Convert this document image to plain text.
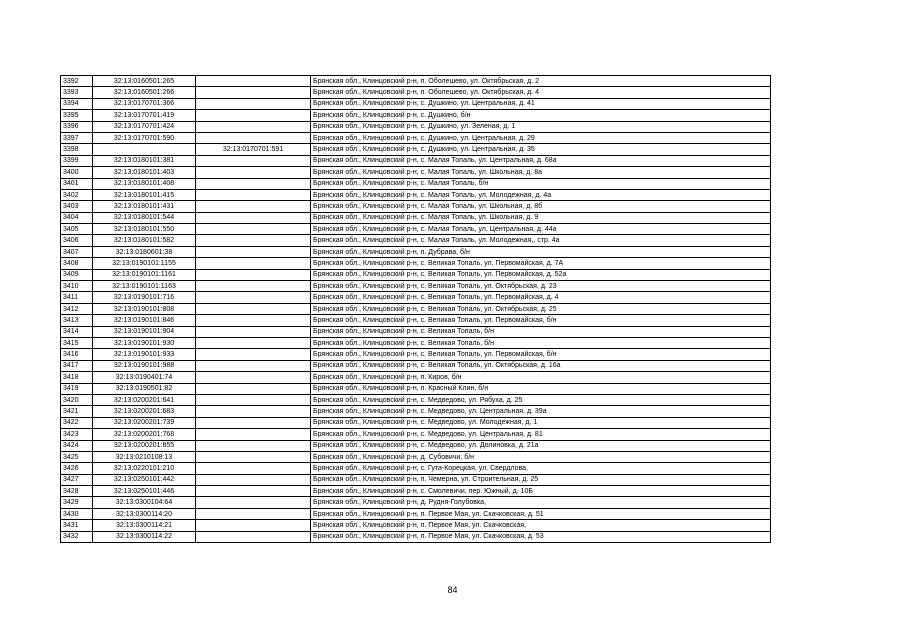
3392	32:13:0160501:265		Брянская обл., Клинцовский р-н, п. Оболешево, ул. Октябрьская, д. 2
3393	32:13:0160501:266		Брянская обл., Клинцовский р-н, п. Оболешево, ул. Октябрьская, д. 4
3394	32:13:0170701:366		Брянская обл., Клинцовский р-н, с. Душкино, ул. Центральная, д. 41
3395	32:13:0170701:419		Брянская обл., Клинцовский р-н, с. Душкино, б/н
3396	32:13:0170701:424		Брянская обл., Клинцовский р-н, с. Душкино, ул. Зеленая, д. 1
3397	32:13:0170701:590		Брянская обл., Клинцовский р-н, с. Душкино, ул. Центральная, д. 29
3398		32:13:0170701:591	Брянская обл., Клинцовский р-н, с. Душкино, ул. Центральная, д. 35
3399	32:13:0180101:381		Брянская обл., Клинцовский р-н, с. Малая Топаль, ул. Центральная, д. 68а
3400	32:13:0180101:403		Брянская обл., Клинцовский р-н, с. Малая Топаль, ул. Школьная, д. 8а
3401	32:13:0180101:408		Брянская обл., Клинцовский р-н, с. Малая Топаль, б/н
3402	32:13:0180101:415		Брянская обл., Клинцовский р-н, с. Малая Топаль, ул. Молодежная, д. 4а
3403	32:13:0180101:431		Брянская обл., Клинцовский р-н, с. Малая Топаль, ул. Школьная, д. 8б
3404	32:13:0180101:544		Брянская обл., Клинцовский р-н, с. Малая Топаль, ул. Школьная, д. 9
3405	32:13:0180101:550		Брянская обл., Клинцовский р-н, с. Малая Топаль, ул. Центральная, д. 44а
3406	32:13:0180101:582		Брянская обл., Клинцовский р-н, с. Малая Топаль, ул. Молодежная,, стр. 4а
3407	32:13:0180601:38		Брянская обл., Клинцовский р-н, п. Дубрава, б/н
3408	32:13:0190101:1155		Брянская обл., Клинцовский р-н, с. Великая Топаль, ул. Первомайская, д. 7А
3409	32:13:0190101:1161		Брянская обл., Клинцовский р-н, с. Великая Топаль, ул. Первомайская, д. 52а
3410	32:13:0190101:1163		Брянская обл., Клинцовский р-н, с. Великая Топаль, ул. Октябрьская, д. 23
3411	32:13:0190101:716		Брянская обл., Клинцовский р-н, с. Великая Топаль, ул. Первомайская, д. 4
3412	32:13:0190101:808		Брянская обл., Клинцовский р-н, с. Великая Топаль, ул. Октябрьская, д. 25
3413	32:13:0190101:846		Брянская обл., Клинцовский р-н, с. Великая Топаль, ул. Первомайская, б/н
3414	32:13:0190101:904		Брянская обл., Клинцовский р-н, с. Великая Топаль, б/н
3415	32:13:0190101:930		Брянская обл., Клинцовский р-н, с. Великая Топаль, б/н
3416	32:13:0190101:933		Брянская обл., Клинцовский р-н, с. Великая Топаль, ул. Первомайская, б/н
3417	32:13:0190101:988		Брянская обл., Клинцовский р-н, с. Великая Топаль, ул. Октябрьская, д. 16а
3418	32:13:0190401:74		Брянская обл., Клинцовский р-н, п. Киров, б/н
3419	32:13:0190501:82		Брянская обл., Клинцовский р-н, п. Красный Клин, б/н
3420	32:13:0200201:641		Брянская обл., Клинцовский р-н, с. Медведово, ул. Рябуха, д. 25
3421	32:13:0200201:683		Брянская обл., Клинцовский р-н, с. Медведово, ул. Центральная, д. 39а
3422	32:13:0200201:739		Брянская обл., Клинцовский р-н, с. Медведово, ул. Молодежная, д. 1
3423	32:13:0200201:768		Брянская обл., Клинцовский р-н, с. Медведово, ул. Центральная, д. 81
3424	32:13:0200201:855		Брянская обл., Клинцовский р-н, с. Медведово, ул. Долиновка, д. 21а
3425	32:13:0210108:13		Брянская обл., Клинцовский р-н, д. Субовичи, б/н
3426	32:13:0220101:210		Брянская обл., Клинцовский р-н, с. Гута-Корецкая, ул. Свердлова,
3427	32:13:0250101:442		Брянская обл., Клинцовский р-н, п. Чемерна, ул. Строительная, д. 25
3428	32:13:0250101:446		Брянская обл., Клинцовский р-н, с. Смолевичи, пер. Южный, д. 10Б
3429	32:13:0300104:64		Брянская обл., Клинцовский р-н, д. Рудня-Голубовка,
3430	32:13:0300114:20		Брянская обл., Клинцовский р-н, п. Первое Мая, ул. Скачковская, д. 51
3431	32:13:0300114:21		Брянская обл., Клинцовский р-н, п. Первое Мая, ул. Скачковская,
3432	32:13:0300114:22		Брянская обл., Клинцовский р-н, п. Первое Мая, ул. Скачковская, д. 53
84
